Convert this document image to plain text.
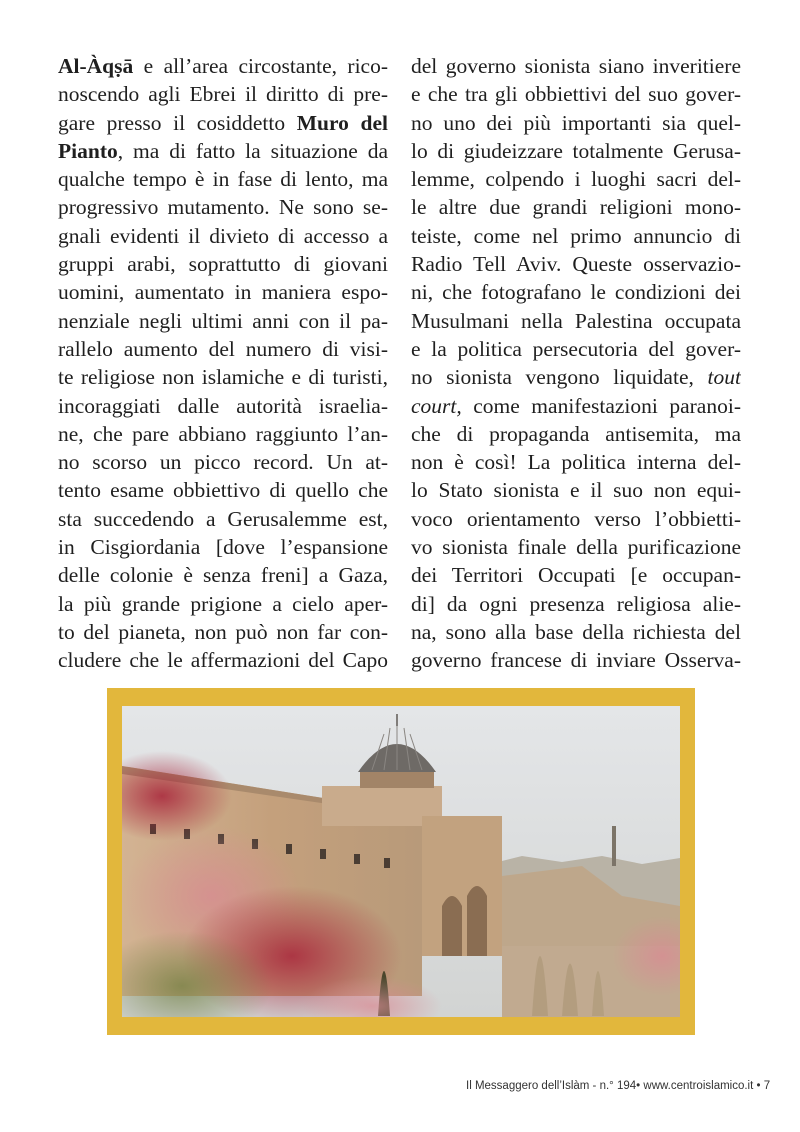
Al-Àqṣā e all’area circostante, rico-
noscendo agli Ebrei il diritto di pre-
gare presso il cosiddetto Muro del
Pianto, ma di fatto la situazione da
qualche tempo è in fase di lento, ma
progressivo mutamento. Ne sono se-
gnali evidenti il divieto di accesso a
gruppi arabi, soprattutto di giovani
uomini, aumentato in maniera espo-
nenziale negli ultimi anni con il pa-
rallelo aumento del numero di visi-
te religiose non islamiche e di turisti,
incoraggiati dalle autorità israelia-
ne, che pare abbiano raggiunto l’an-
no scorso un picco record. Un at-
tento esame obbiettivo di quello che
sta succedendo a Gerusalemme est,
in Cisgiordania [dove l’espansione
delle colonie è senza freni] a Gaza,
la più grande prigione a cielo aper-
to del pianeta, non può non far con-
cludere che le affermazioni del Capo
del governo sionista siano inveritiere
e che tra gli obbiettivi del suo gover-
no uno dei più importanti sia quel-
lo di giudeizzare totalmente Gerusa-
lemme, colpendo i luoghi sacri del-
le altre due grandi religioni mono-
teiste, come nel primo annuncio di
Radio Tell Aviv. Queste osservazio-
ni, che fotografano le condizioni dei
Musulmani nella Palestina occupata
e la politica persecutoria del gover-
no sionista vengono liquidate, tout
court, come manifestazioni paranoi-
che di propaganda antisemita, ma
non è così! La politica interna del-
lo Stato sionista e il suo non equi-
voco orientamento verso l’obbietti-
vo sionista finale della purificazione
dei Territori Occupati [e occupan-
di] da ogni presenza religiosa alie-
na, sono alla base della richiesta del
governo francese di inviare Osserva-
Il Messaggero dell’Islàm - n.° 194• www.centroislamico.it • 7
